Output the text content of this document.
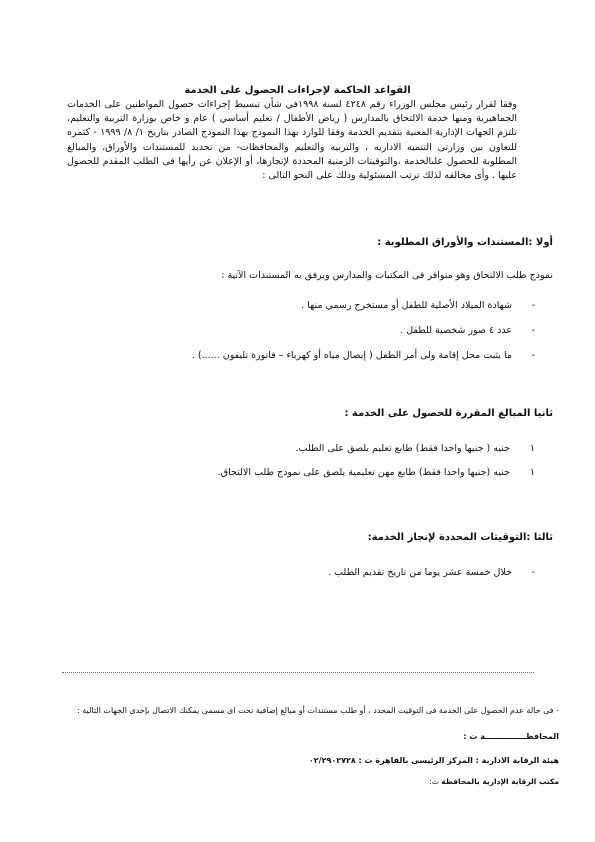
القواعد الحاكمة لإجراءات الحصول على الخدمة
وفقا لقرار رئيس مجلس الوزراء رقم ٤٢٤٨ لسنة ١٩٩٨في شأن تبسيط إجراءات حصول المواطنين على الخدمات الجماهيرية ومنها خدمة الالتحاق بالمدارس ( رياض الأطفال / تعليم أساسي ) عام و خاص بوزارة التربية والتعليم، تلتزم الجهات الإدارية المعنية بتقديم الخدمة وفقا للوارد بهذا النموذج بهذا النموذج الصادر بتاريخ ١/ ٨/ ١٩٩٩ - كثمره للتعاون بين وزارتى التنميه الاداريه ، والتربيه والتعليم والمحافظات- من تحديد للمستندات والأوراق، والمبالغ المطلوبة للحصول علىالخدمة ،والتوقيتات الزمنية المحددة لإنجازها، أو الإعلان عن رأيها فى الطلب المقدم للحصول عليها . وأى مخالفه لذلك ترتب المسئولية وذلك على النحو التالى :
أولا :المستندات والأوراق المطلوبة :
نموذج طلب الالتحاق وهو متوافر فى المكتبات والمدارس ويرفق به المستندات الآتية :
- شهادة الميلاد الأصلية للطفل أو مستخرج رسمي منها .
- عدد ٤ صور شخصية للطفل .
- ما يثبت محل إقامة ولى أمر الطفل ( إيصال مياه أو كهرباء – فاتورة تليفون ......) .
ثانيا المبالغ المقررة للحصول على الخدمة :
١ جنيه ( جنيها واحدا فقط) طابع تعليم يلصق على الطلب.
١ جنيه (جنيها واحدا فقط) طابع مهن تعليمية يلصق على نموذج طلب الالتحاق.
ثالثا :التوقيتات المحددة لإنجاز الخدمة:
- خلال خمسة عشر يوما من تاريخ تقديم الطلب .
- فى حالة عدم الحصول على الخدمة فى التوقيت المحدد ، أو طلب مستندات أو مبالغ إضافية تحت اى مسمى يمكنك الاتصال بإحدى الجهات التالية :
المحافظـــــــــــــــة ت :
هيئة الرقابة الادارية : المركز الرئيسى بالقاهرة ت : ٠٢/٢٩٠٢٧٢٨
مكتب الرقابة الإدارية بالمحافظة ت:
